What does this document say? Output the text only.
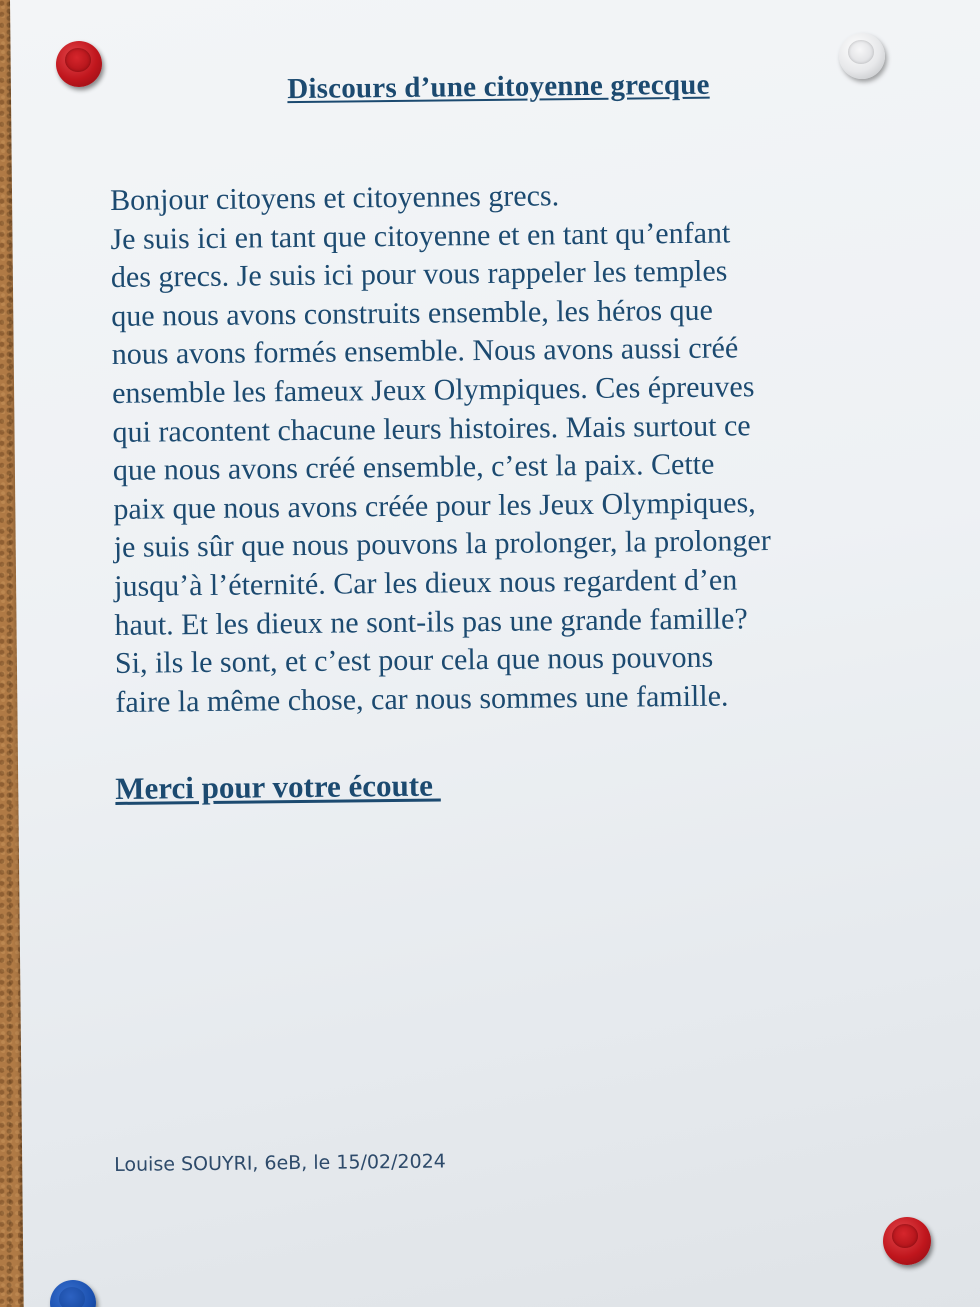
Discours d’une citoyenne grecque
Bonjour citoyens et citoyennes grecs.
Je suis ici en tant que citoyenne et en tant qu’enfant
des grecs. Je suis ici pour vous rappeler les temples
que nous avons construits ensemble, les héros que
nous avons formés ensemble. Nous avons aussi créé
ensemble les fameux Jeux Olympiques. Ces épreuves
qui racontent chacune leurs histoires. Mais surtout ce
que nous avons créé ensemble, c’est la paix. Cette
paix que nous avons créée pour les Jeux Olympiques,
je suis sûr que nous pouvons la prolonger, la prolonger
jusqu’à l’éternité. Car les dieux nous regardent d’en
haut. Et les dieux ne sont-ils pas une grande famille?
Si, ils le sont, et c’est pour cela que nous pouvons
faire la même chose, car nous sommes une famille.
Merci pour votre écoute
Louise SOUYRI, 6eB, le 15/02/2024
